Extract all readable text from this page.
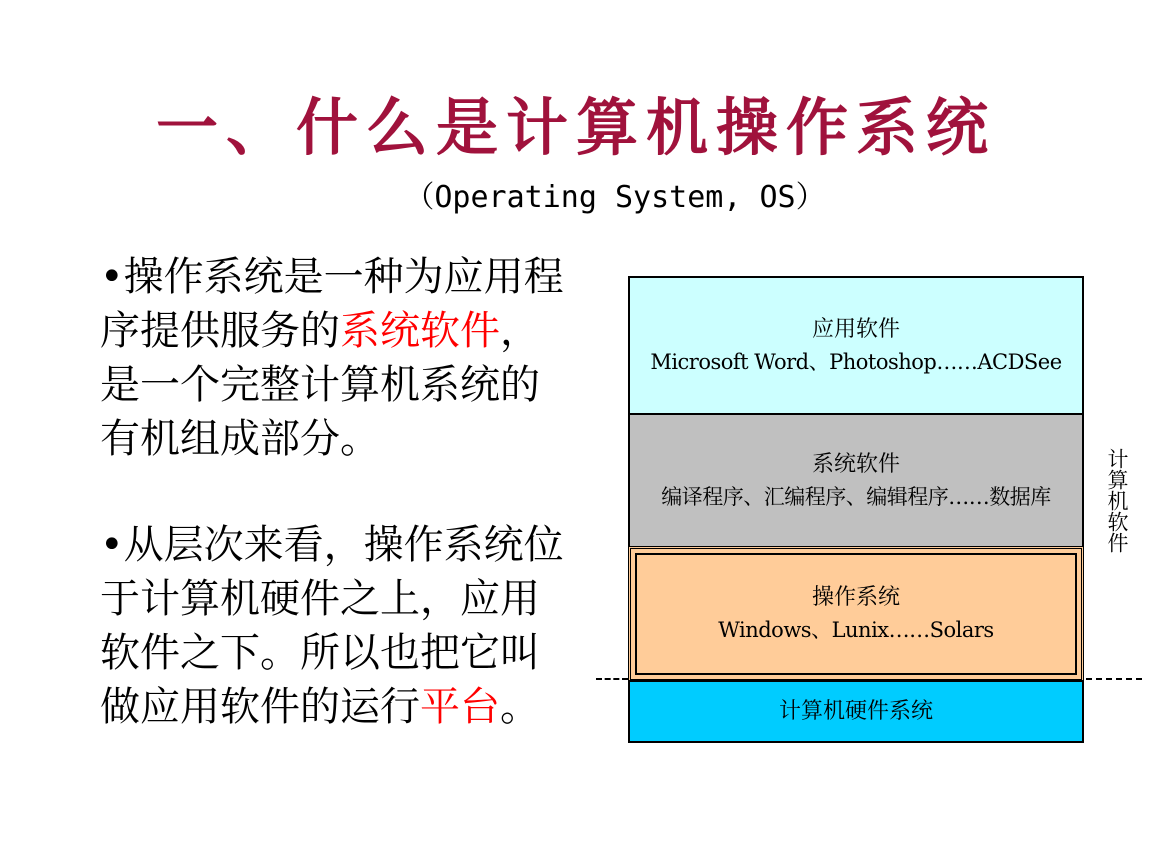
一、什么是计算机操作系统
（Operating System, OS）
•操作系统是一种为应用程序提供服务的系统软件，是一个完整计算机系统的有机组成部分。
•从层次来看，操作系统位于计算机硬件之上，应用软件之下。所以也把它叫做应用软件的运行平台。
应用软件
Microsoft Word、Photoshop……ACDSee
系统软件
编译程序、汇编程序、编辑程序……数据库
操作系统
Windows、Lunix……Solars
计算机硬件系统
计算机软件
